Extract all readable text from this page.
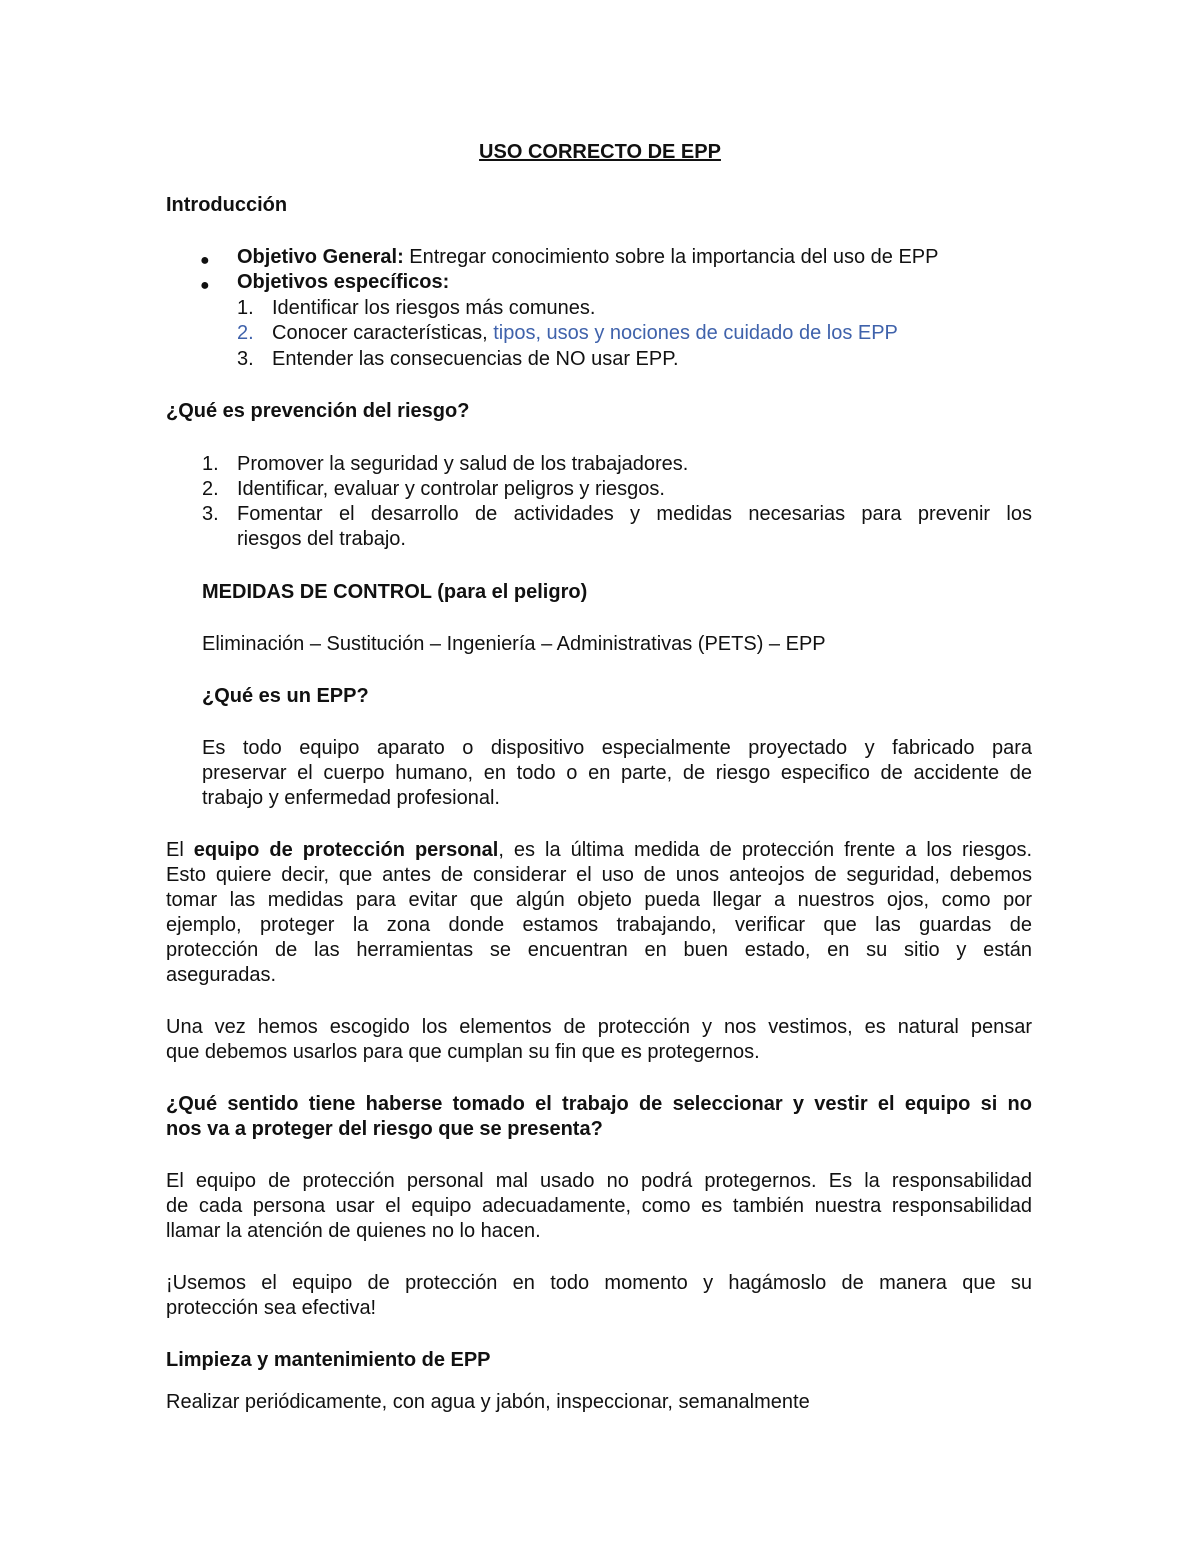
USO CORRECTO DE EPP
Introducción
● Objetivo General: Entregar conocimiento sobre la importancia del uso de EPP
● Objetivos específicos:
1. Identificar los riesgos más comunes.
2. Conocer características, tipos, usos y nociones de cuidado de los EPP
3. Entender las consecuencias de NO usar EPP.
¿Qué es prevención del riesgo?
1. Promover la seguridad y salud de los trabajadores.
2. Identificar, evaluar y controlar peligros y riesgos.
3. Fomentar el desarrollo de actividades y medidas necesarias para prevenir los
riesgos del trabajo.
MEDIDAS DE CONTROL (para el peligro)
Eliminación – Sustitución – Ingeniería – Administrativas (PETS) – EPP
¿Qué es un EPP?
Es todo equipo aparato o dispositivo especialmente proyectado y fabricado para
preservar el cuerpo humano, en todo o en parte, de riesgo especifico de accidente de
trabajo y enfermedad profesional.
El equipo de protección personal, es la última medida de protección frente a los riesgos.
Esto quiere decir, que antes de considerar el uso de unos anteojos de seguridad, debemos
tomar las medidas para evitar que algún objeto pueda llegar a nuestros ojos, como por
ejemplo, proteger la zona donde estamos trabajando, verificar que las guardas de
protección de las herramientas se encuentran en buen estado, en su sitio y están
aseguradas.
Una vez hemos escogido los elementos de protección y nos vestimos, es natural pensar
que debemos usarlos para que cumplan su fin que es protegernos.
¿Qué sentido tiene haberse tomado el trabajo de seleccionar y vestir el equipo si no
nos va a proteger del riesgo que se presenta?
El equipo de protección personal mal usado no podrá protegernos. Es la responsabilidad
de cada persona usar el equipo adecuadamente, como es también nuestra responsabilidad
llamar la atención de quienes no lo hacen.
¡Usemos el equipo de protección en todo momento y hagámoslo de manera que su
protección sea efectiva!
Limpieza y mantenimiento de EPP
Realizar periódicamente, con agua y jabón, inspeccionar, semanalmente
